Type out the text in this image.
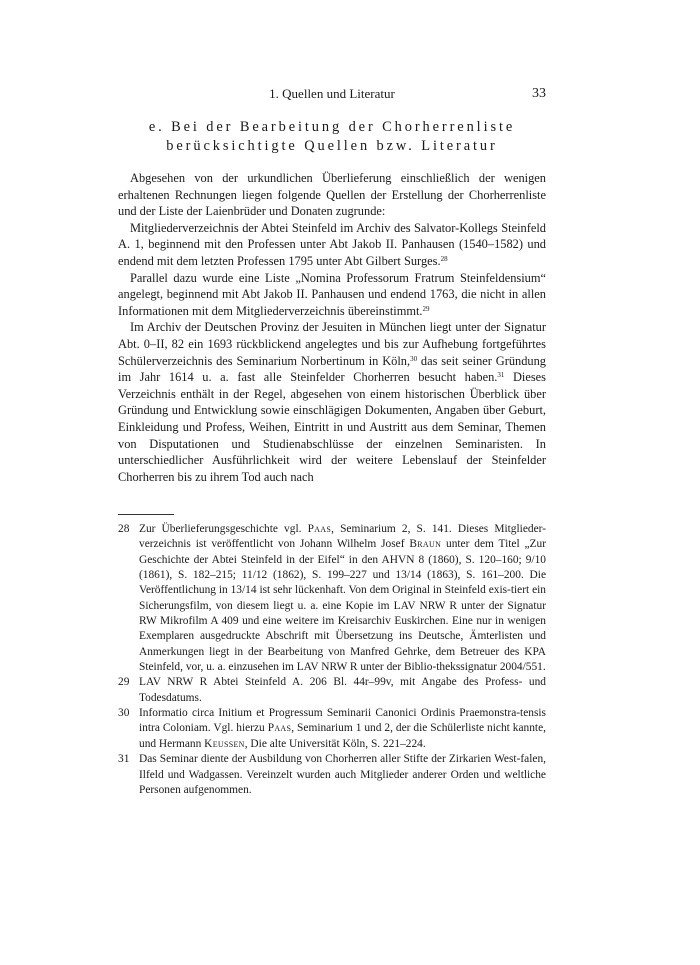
1. Quellen und Literatur	33
e. Bei der Bearbeitung der Chorherrenliste
berücksichtigte Quellen bzw. Literatur

Abgesehen von der urkundlichen Überlieferung einschließlich der wenigen erhaltenen Rechnungen liegen folgende Quellen der Erstellung der Chorherrenliste und der Liste der Laienbrüder und Donaten zugrunde:

Mitgliederverzeichnis der Abtei Steinfeld im Archiv des Salvator-Kollegs Steinfeld A. 1, beginnend mit den Professen unter Abt Jakob II. Panhausen (1540–1582) und endend mit dem letzten Professen 1795 unter Abt Gilbert Surges.$^{28}$

Parallel dazu wurde eine Liste „Nomina Professorum Fratrum Steinfeldensium“ angelegt, beginnend mit Abt Jakob II. Panhausen und endend 1763, die nicht in allen Informationen mit dem Mitgliederverzeichnis übereinstimmt.$^{29}$

Im Archiv der Deutschen Provinz der Jesuiten in München liegt unter der Signatur Abt. 0–II, 82 ein 1693 rückblickend angelegtes und bis zur Aufhebung fortgeführtes Schülerverzeichnis des Seminarium Norbertinum in Köln,$^{30}$ das seit seiner Gründung im Jahr 1614 u. a. fast alle Steinfelder Chorherren besucht haben.$^{31}$ Dieses Verzeichnis enthält in der Regel, abgesehen von einem historischen Überblick über Gründung und Entwicklung sowie einschlägigen Dokumenten, Angaben über Geburt, Einkleidung und Profess, Weihen, Eintritt in und Austritt aus dem Seminar, Themen von Disputationen und Studienabschlüsse der einzelnen Seminaristen. In unterschiedlicher Ausführlichkeit wird der weitere Lebenslauf der Steinfelder Chorherren bis zu ihrem Tod auch nach

28 Zur Überlieferungsgeschichte vgl. Paas, Seminarium 2, S. 141. Dieses Mitglieder-verzeichnis ist veröffentlicht von Johann Wilhelm Josef Braun unter dem Titel „Zur Geschichte der Abtei Steinfeld in der Eifel“ in den AHVN 8 (1860), S. 120–160; 9/10 (1861), S. 182–215; 11/12 (1862), S. 199–227 und 13/14 (1863), S. 161–200. Die Veröffentlichung in 13/14 ist sehr lückenhaft. Von dem Original in Steinfeld exis-tiert ein Sicherungsfilm, von diesem liegt u. a. eine Kopie im LAV NRW R unter der Signatur RW Mikrofilm A 409 und eine weitere im Kreisarchiv Euskirchen. Eine nur in wenigen Exemplaren ausgedruckte Abschrift mit Übersetzung ins Deutsche, Ämterlisten und Anmerkungen liegt in der Bearbeitung von Manfred Gehrke, dem Betreuer des KPA Steinfeld, vor, u. a. einzusehen im LAV NRW R unter der Biblio-thekssignatur 2004/551.
29 LAV NRW R Abtei Steinfeld A. 206 Bl. 44r–99v, mit Angabe des Profess- und Todesdatums.
30 Informatio circa Initium et Progressum Seminarii Canonici Ordinis Praemonstra-tensis intra Coloniam. Vgl. hierzu Paas, Seminarium 1 und 2, der die Schülerliste nicht kannte, und Hermann Keussen, Die alte Universität Köln, S. 221–224.
31 Das Seminar diente der Ausbildung von Chorherren aller Stifte der Zirkarien West-falen, Ilfeld und Wadgassen. Vereinzelt wurden auch Mitglieder anderer Orden und weltliche Personen aufgenommen.
